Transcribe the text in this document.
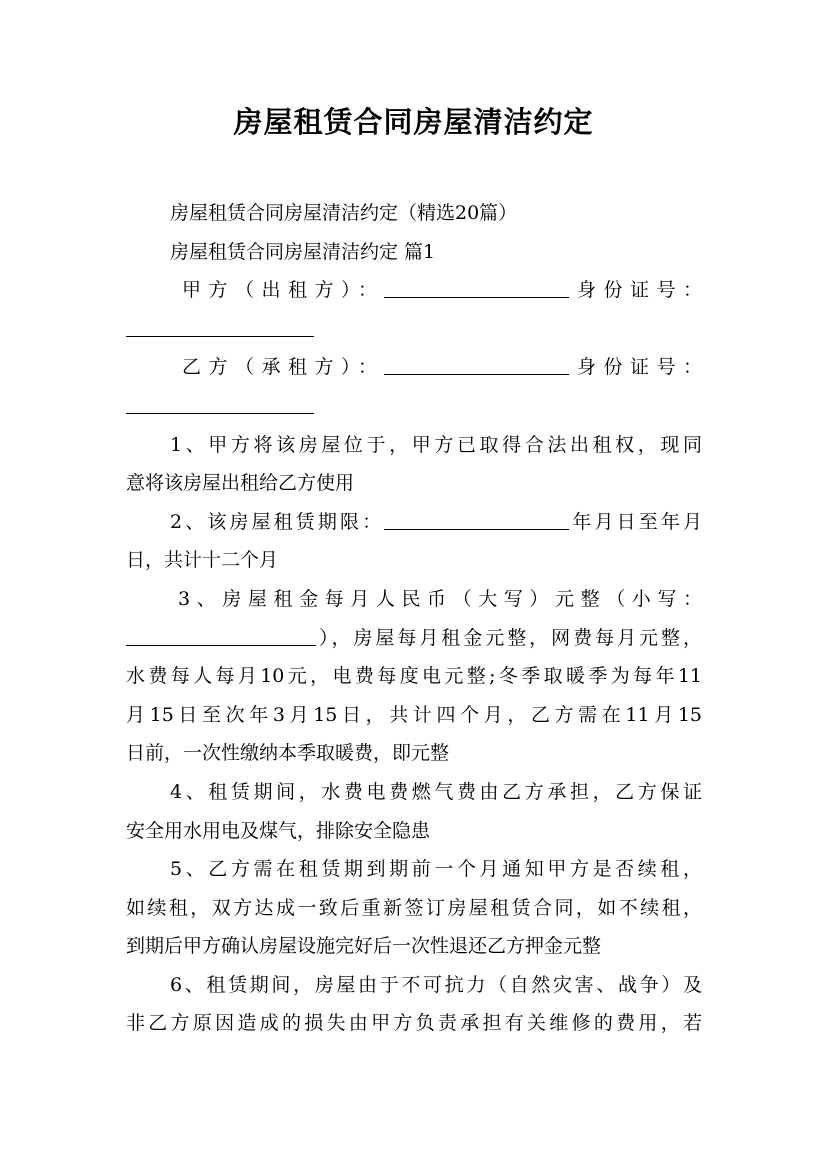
房屋租赁合同房屋清洁约定
房屋租赁合同房屋清洁约定（精选20篇）
房屋租赁合同房屋清洁约定 篇1
甲方（出租方）：	身份证号：
乙方（承租方）：	身份证号：
1、甲方将该房屋位于，甲方已取得合法出租权，现同
意将该房屋出租给乙方使用
2、该房屋租赁期限：	年月日至年月
日，共计十二个月
3、房屋租金每月人民币（大写）元整（小写：
），房屋每月租金元整，网费每月元整，
水费每人每月10元，电费每度电元整;冬季取暖季为每年11
月15日至次年3月15日，共计四个月，乙方需在11月15
日前，一次性缴纳本季取暖费，即元整
4、租赁期间，水费电费燃气费由乙方承担，乙方保证
安全用水用电及煤气，排除安全隐患
5、乙方需在租赁期到期前一个月通知甲方是否续租，
如续租，双方达成一致后重新签订房屋租赁合同，如不续租，
到期后甲方确认房屋设施完好后一次性退还乙方押金元整
6、租赁期间，房屋由于不可抗力（自然灾害、战争）及
非乙方原因造成的损失由甲方负责承担有关维修的费用，若
